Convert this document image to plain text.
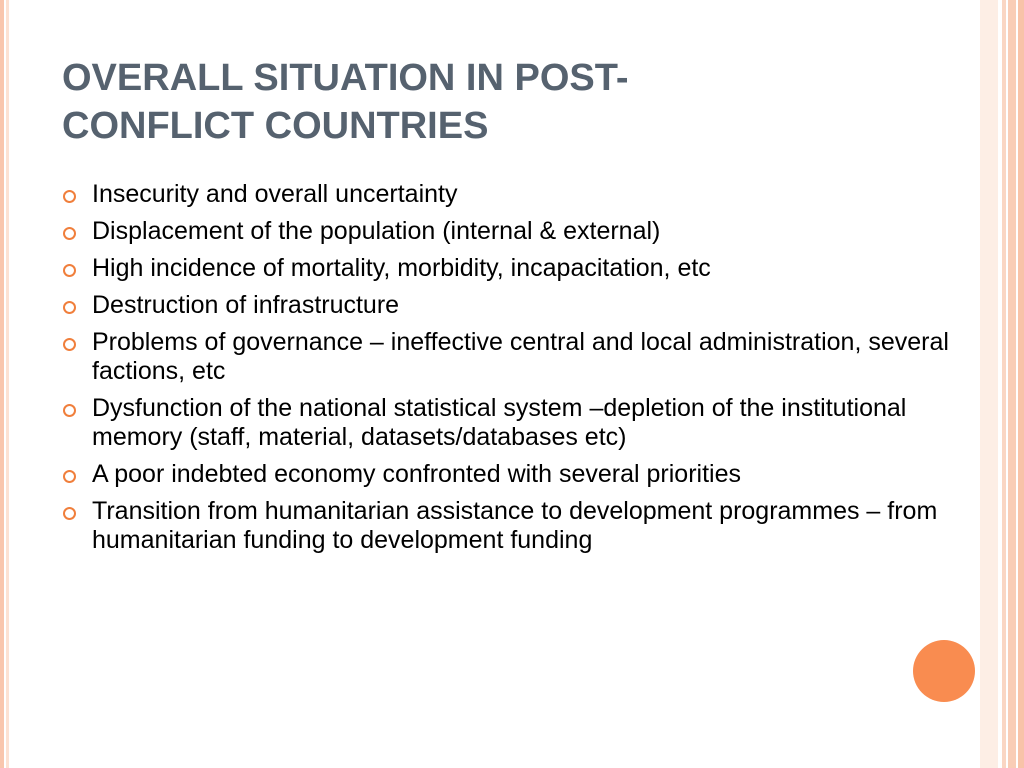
OVERALL SITUATION IN POST-
CONFLICT COUNTRIES
Insecurity and overall uncertainty
Displacement of the population (internal & external)
High incidence of mortality, morbidity, incapacitation, etc
Destruction of infrastructure
Problems of governance – ineffective central and local administration, several factions, etc
Dysfunction of the national statistical system –depletion of the institutional memory (staff, material, datasets/databases etc)
A poor indebted economy confronted with several priorities
Transition from humanitarian assistance to development programmes – from humanitarian funding to development funding
